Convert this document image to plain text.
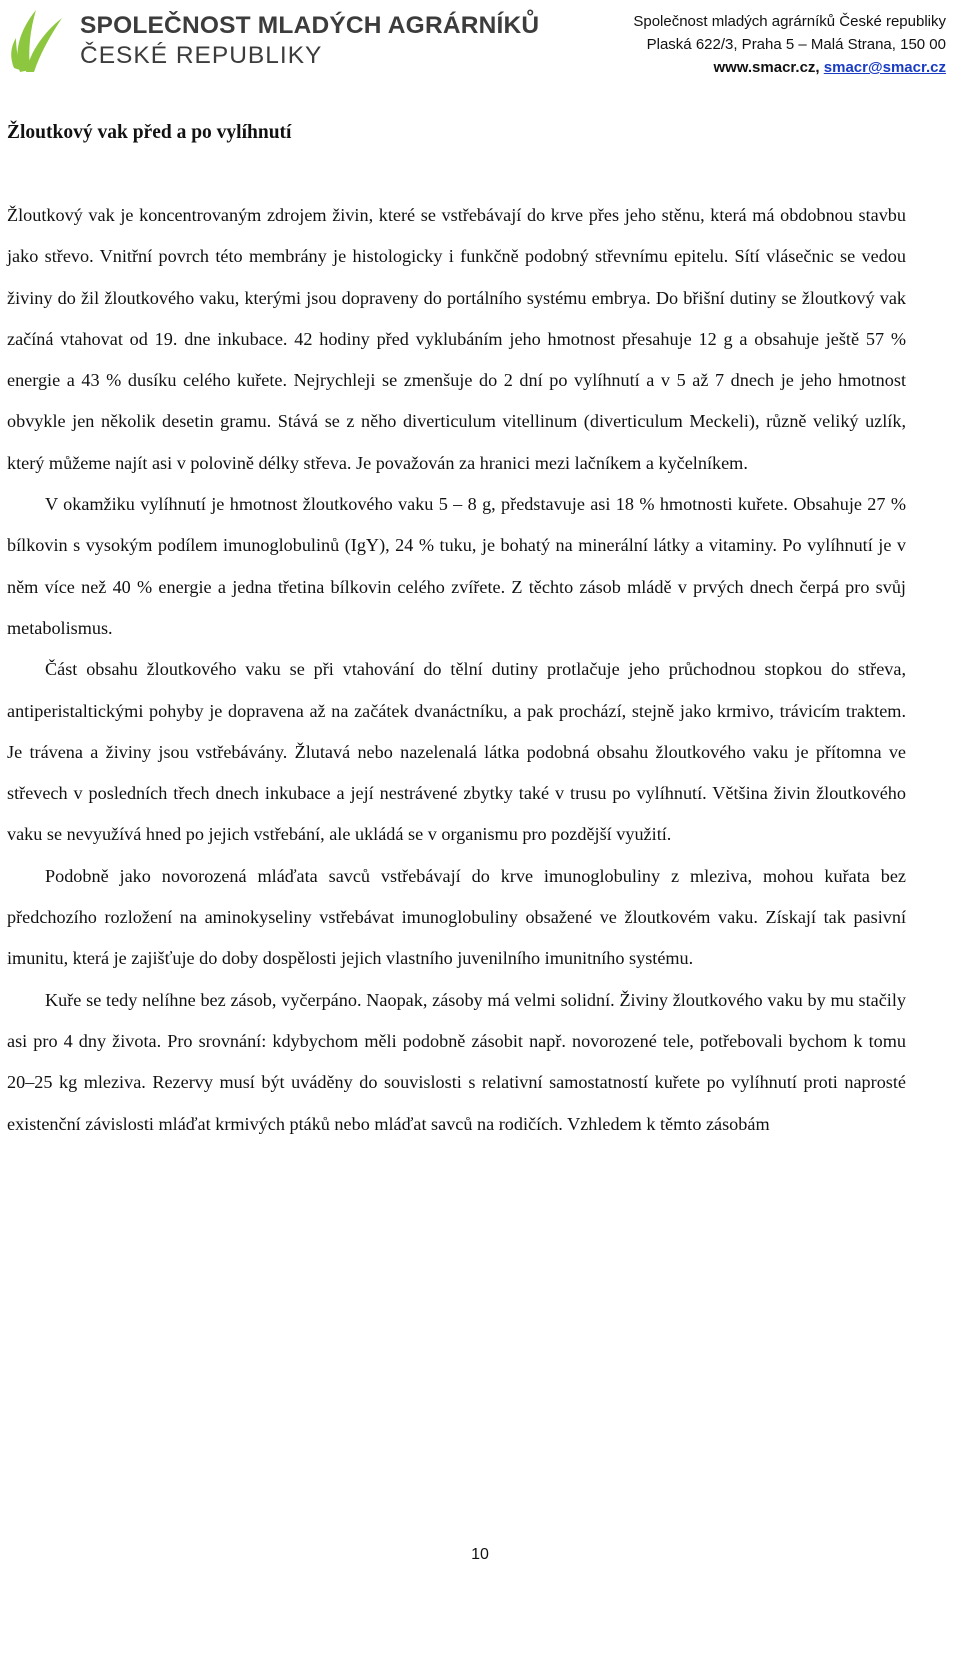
SPOLEČNOST MLADÝCH AGRÁRNÍKŮ
ČESKÉ REPUBLIKY
Společnost mladých agrárníků České republiky
Plaská 622/3, Praha 5 – Malá Strana, 150 00
www.smacr.cz, smacr@smacr.cz
Žloutkový vak před a po vylíhnutí

Žloutkový vak je koncentrovaným zdrojem živin, které se vstřebávají do krve přes jeho stěnu, která má obdobnou stavbu jako střevo. Vnitřní povrch této membrány je histologicky i funkčně podobný střevnímu epitelu. Sítí vlásečnic se vedou živiny do žil žloutkového vaku, kterými jsou dopraveny do portálního systému embrya. Do břišní dutiny se žloutkový vak začíná vtahovat od 19. dne inkubace. 42 hodiny před vyklubáním jeho hmotnost přesahuje 12 g a obsahuje ještě 57 % energie a 43 % dusíku celého kuřete. Nejrychleji se zmenšuje do 2 dní po vylíhnutí a v 5 až 7 dnech je jeho hmotnost obvykle jen několik desetin gramu. Stává se z něho diverticulum vitellinum (diverticulum Meckeli), různě veliký uzlík, který můžeme najít asi v polovině délky střeva. Je považován za hranici mezi lačníkem a kyčelníkem.

V okamžiku vylíhnutí je hmotnost žloutkového vaku 5 – 8 g, představuje asi 18 % hmotnosti kuřete. Obsahuje 27 % bílkovin s vysokým podílem imunoglobulinů (IgY), 24 % tuku, je bohatý na minerální látky a vitaminy. Po vylíhnutí je v něm více než 40 % energie a jedna třetina bílkovin celého zvířete. Z těchto zásob mládě v prvých dnech čerpá pro svůj metabolismus.

Část obsahu žloutkového vaku se při vtahování do tělní dutiny protlačuje jeho průchodnou stopkou do střeva, antiperistaltickými pohyby je dopravena až na začátek dvanáctníku, a pak prochází, stejně jako krmivo, trávicím traktem. Je trávena a živiny jsou vstřebávány. Žlutavá nebo nazelenalá látka podobná obsahu žloutkového vaku je přítomna ve střevech v posledních třech dnech inkubace a její nestrávené zbytky také v trusu po vylíhnutí. Většina živin žloutkového vaku se nevyužívá hned po jejich vstřebání, ale ukládá se v organismu pro pozdější využití.

Podobně jako novorozená mláďata savců vstřebávají do krve imunoglobuliny z mleziva, mohou kuřata bez předchozího rozložení na aminokyseliny vstřebávat imunoglobuliny obsažené ve žloutkovém vaku. Získají tak pasivní imunitu, která je zajišťuje do doby dospělosti jejich vlastního juvenilního imunitního systému.

Kuře se tedy nelíhne bez zásob, vyčerpáno. Naopak, zásoby má velmi solidní. Živiny žloutkového vaku by mu stačily asi pro 4 dny života. Pro srovnání: kdybychom měli podobně zásobit např. novorozené tele, potřebovali bychom k tomu 20–25 kg mleziva. Rezervy musí být uváděny do souvislosti s relativní samostatností kuřete po vylíhnutí proti naprosté existenční závislosti mláďat krmivých ptáků nebo mláďat savců na rodičích. Vzhledem k těmto zásobám

10
